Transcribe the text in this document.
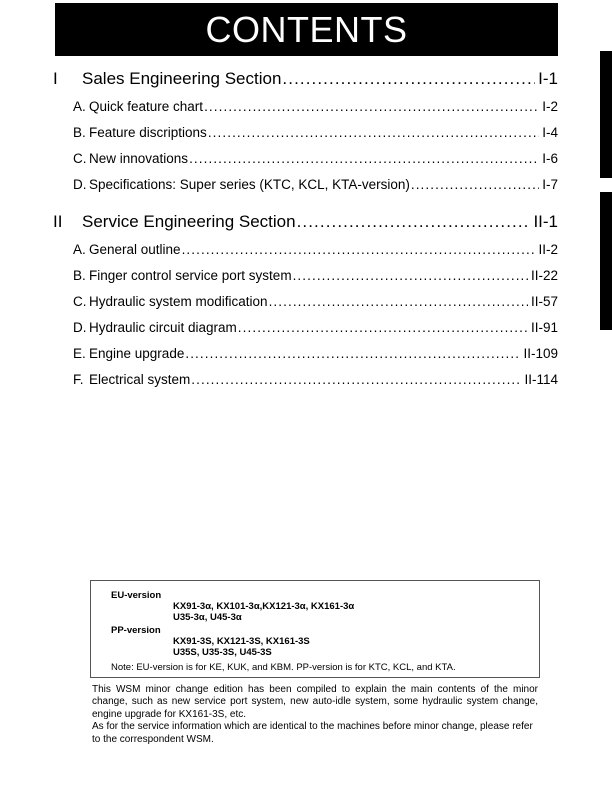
CONTENTS
I Sales Engineering Section .....	I-1
A. Quick feature chart .....	I-2
B. Feature discriptions .....	I-4
C. New innovations .....	I-6
D. Specifications: Super series (KTC, KCL, KTA-version) .....	I-7
II Service Engineering Section .....	II-1
A. General outline .....	II-2
B. Finger control service port system .....	II-22
C. Hydraulic system modification .....	II-57
D. Hydraulic circuit diagram .....	II-91
E. Engine upgrade .....	II-109
F. Electrical system .....	II-114
EU-version
KX91-3α, KX101-3α,KX121-3α, KX161-3α
U35-3α, U45-3α
PP-version
KX91-3S, KX121-3S, KX161-3S
U35S, U35-3S, U45-3S
Note: EU-version is for KE, KUK, and KBM. PP-version is for KTC, KCL, and KTA.

This WSM minor change edition has been compiled to explain the main contents of the minor change, such as new service port system, new auto-idle system, some hydraulic system change, engine upgrade for KX161-3S, etc.

As for the service information which are identical to the machines before minor change, please refer to the correspondent WSM.
